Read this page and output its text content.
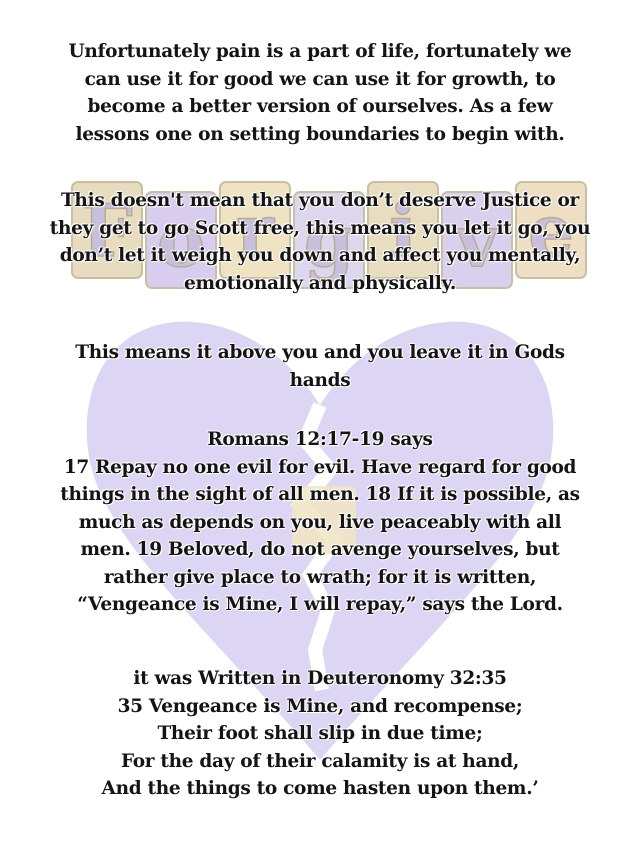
F o r g i v e
Unfortunately pain is a part of life, fortunately we
can use it for good we can use it for growth, to
become a better version of ourselves. As a few
lessons one on setting boundaries to begin with.
This doesn't mean that you don’t deserve Justice or
they get to go Scott free, this means you let it go, you
don’t let it weigh you down and affect you mentally,
emotionally and physically.
This means it above you and you leave it in Gods
hands
Romans 12:17-19 says
17 Repay no one evil for evil. Have regard for good
things in the sight of all men. 18 If it is possible, as
much as depends on you, live peaceably with all
men. 19 Beloved, do not avenge yourselves, but
rather give place to wrath; for it is written,
“Vengeance is Mine, I will repay,” says the Lord.
it was Written in Deuteronomy 32:35
35 Vengeance is Mine, and recompense;
Their foot shall slip in due time;
For the day of their calamity is at hand,
And the things to come hasten upon them.’
